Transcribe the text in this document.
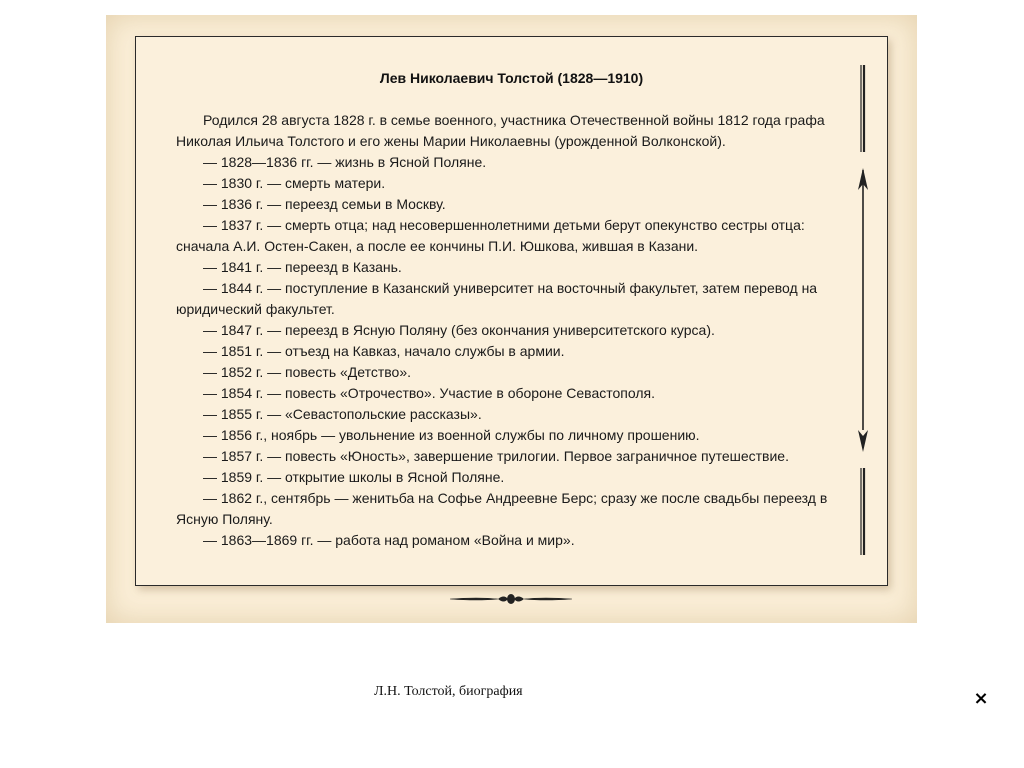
Лев Николаевич Толстой (1828—1910)

Родился 28 августа 1828 г. в семье военного, участника Отечественной войны 1812 года графа Николая Ильича Толстого и его жены Марии Николаевны (урожденной Волконской).

— 1828—1836 гг. — жизнь в Ясной Поляне.

— 1830 г. — смерть матери.

— 1836 г. — переезд семьи в Москву.

— 1837 г. — смерть отца; над несовершеннолетними детьми берут опекунство сестры отца: сначала А.И. Остен-Сакен, а после ее кончины П.И. Юшкова, жившая в Казани.

— 1841 г. — переезд в Казань.

— 1844 г. — поступление в Казанский университет на восточный факультет, затем перевод на юридический факультет.

— 1847 г. — переезд в Ясную Поляну (без окончания университетского курса).

— 1851 г. — отъезд на Кавказ, начало службы в армии.

— 1852 г. — повесть «Детство».

— 1854 г. — повесть «Отрочество». Участие в обороне Севастополя.

— 1855 г. — «Севастопольские рассказы».

— 1856 г., ноябрь — увольнение из военной службы по личному прошению.

— 1857 г. — повесть «Юность», завершение трилогии. Первое заграничное путешествие.

— 1859 г. — открытие школы в Ясной Поляне.

— 1862 г., сентябрь — женитьба на Софье Андреевне Берс; сразу же после свадьбы переезд в Ясную Поляну.

— 1863—1869 гг. — работа над романом «Война и мир».

Л.Н. Толстой, биография	×
